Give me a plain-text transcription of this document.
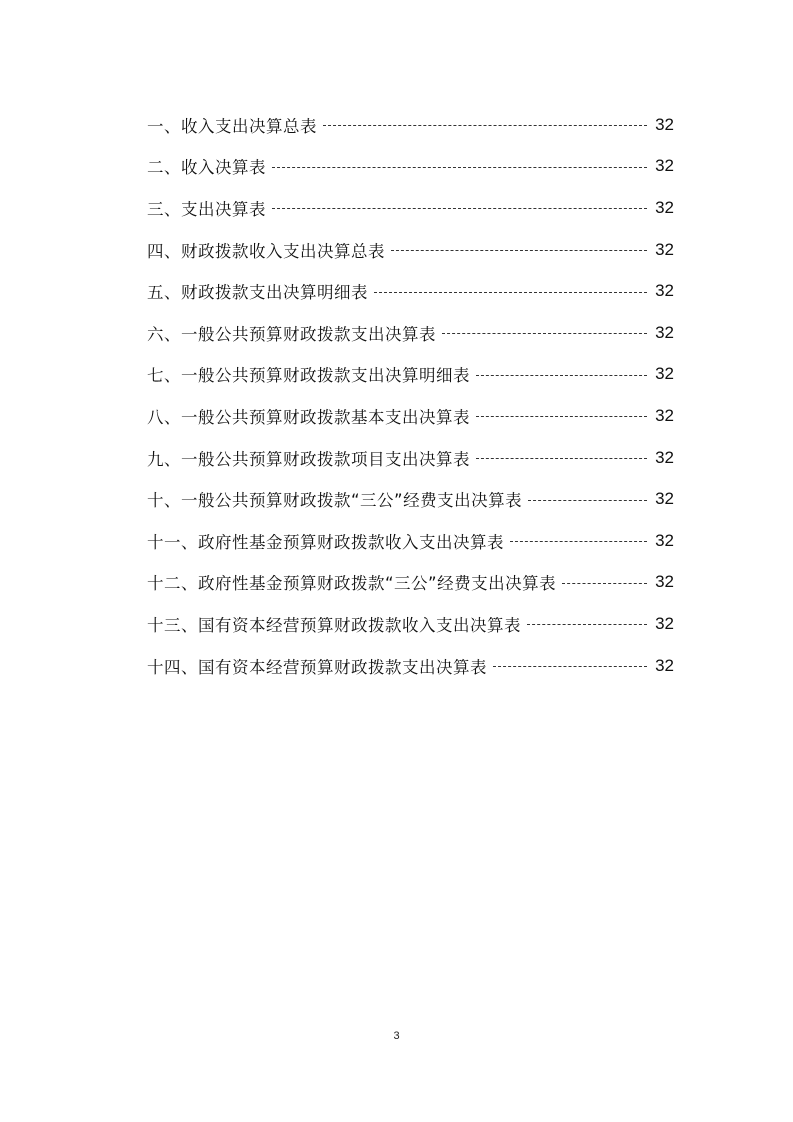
一、收入支出决算总表	32
二、收入决算表	32
三、支出决算表	32
四、财政拨款收入支出决算总表	32
五、财政拨款支出决算明细表	32
六、一般公共预算财政拨款支出决算表	32
七、一般公共预算财政拨款支出决算明细表	32
八、一般公共预算财政拨款基本支出决算表	32
九、一般公共预算财政拨款项目支出决算表	32
十、一般公共预算财政拨款“三公”经费支出决算表	32
十一、政府性基金预算财政拨款收入支出决算表	32
十二、政府性基金预算财政拨款“三公”经费支出决算表	32
十三、国有资本经营预算财政拨款收入支出决算表	32
十四、国有资本经营预算财政拨款支出决算表	32
3
